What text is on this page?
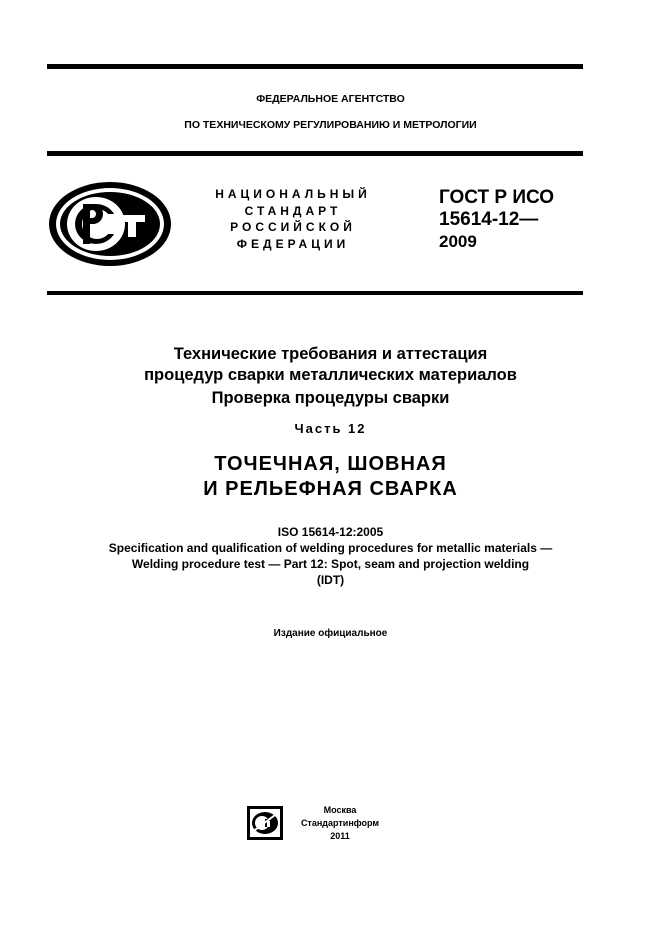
ФЕДЕРАЛЬНОЕ АГЕНТСТВО
ПО ТЕХНИЧЕСКОМУ РЕГУЛИРОВАНИЮ И МЕТРОЛОГИИ
НАЦИОНАЛЬНЫЙ
СТАНДАРТ
РОССИЙСКОЙ
ФЕДЕРАЦИИ
ГОСТ Р ИСО
15614-12—
2009
Технические требования и аттестация
процедур сварки металлических материалов
Проверка процедуры сварки
Часть 12
ТОЧЕЧНАЯ, ШОВНАЯ
И РЕЛЬЕФНАЯ СВАРКА
ISO 15614-12:2005
Specification and qualification of welding procedures for metallic materials —
Welding procedure test — Part 12: Spot, seam and projection welding
(IDT)
Издание официальное
Москва
Стандартинформ
2011
